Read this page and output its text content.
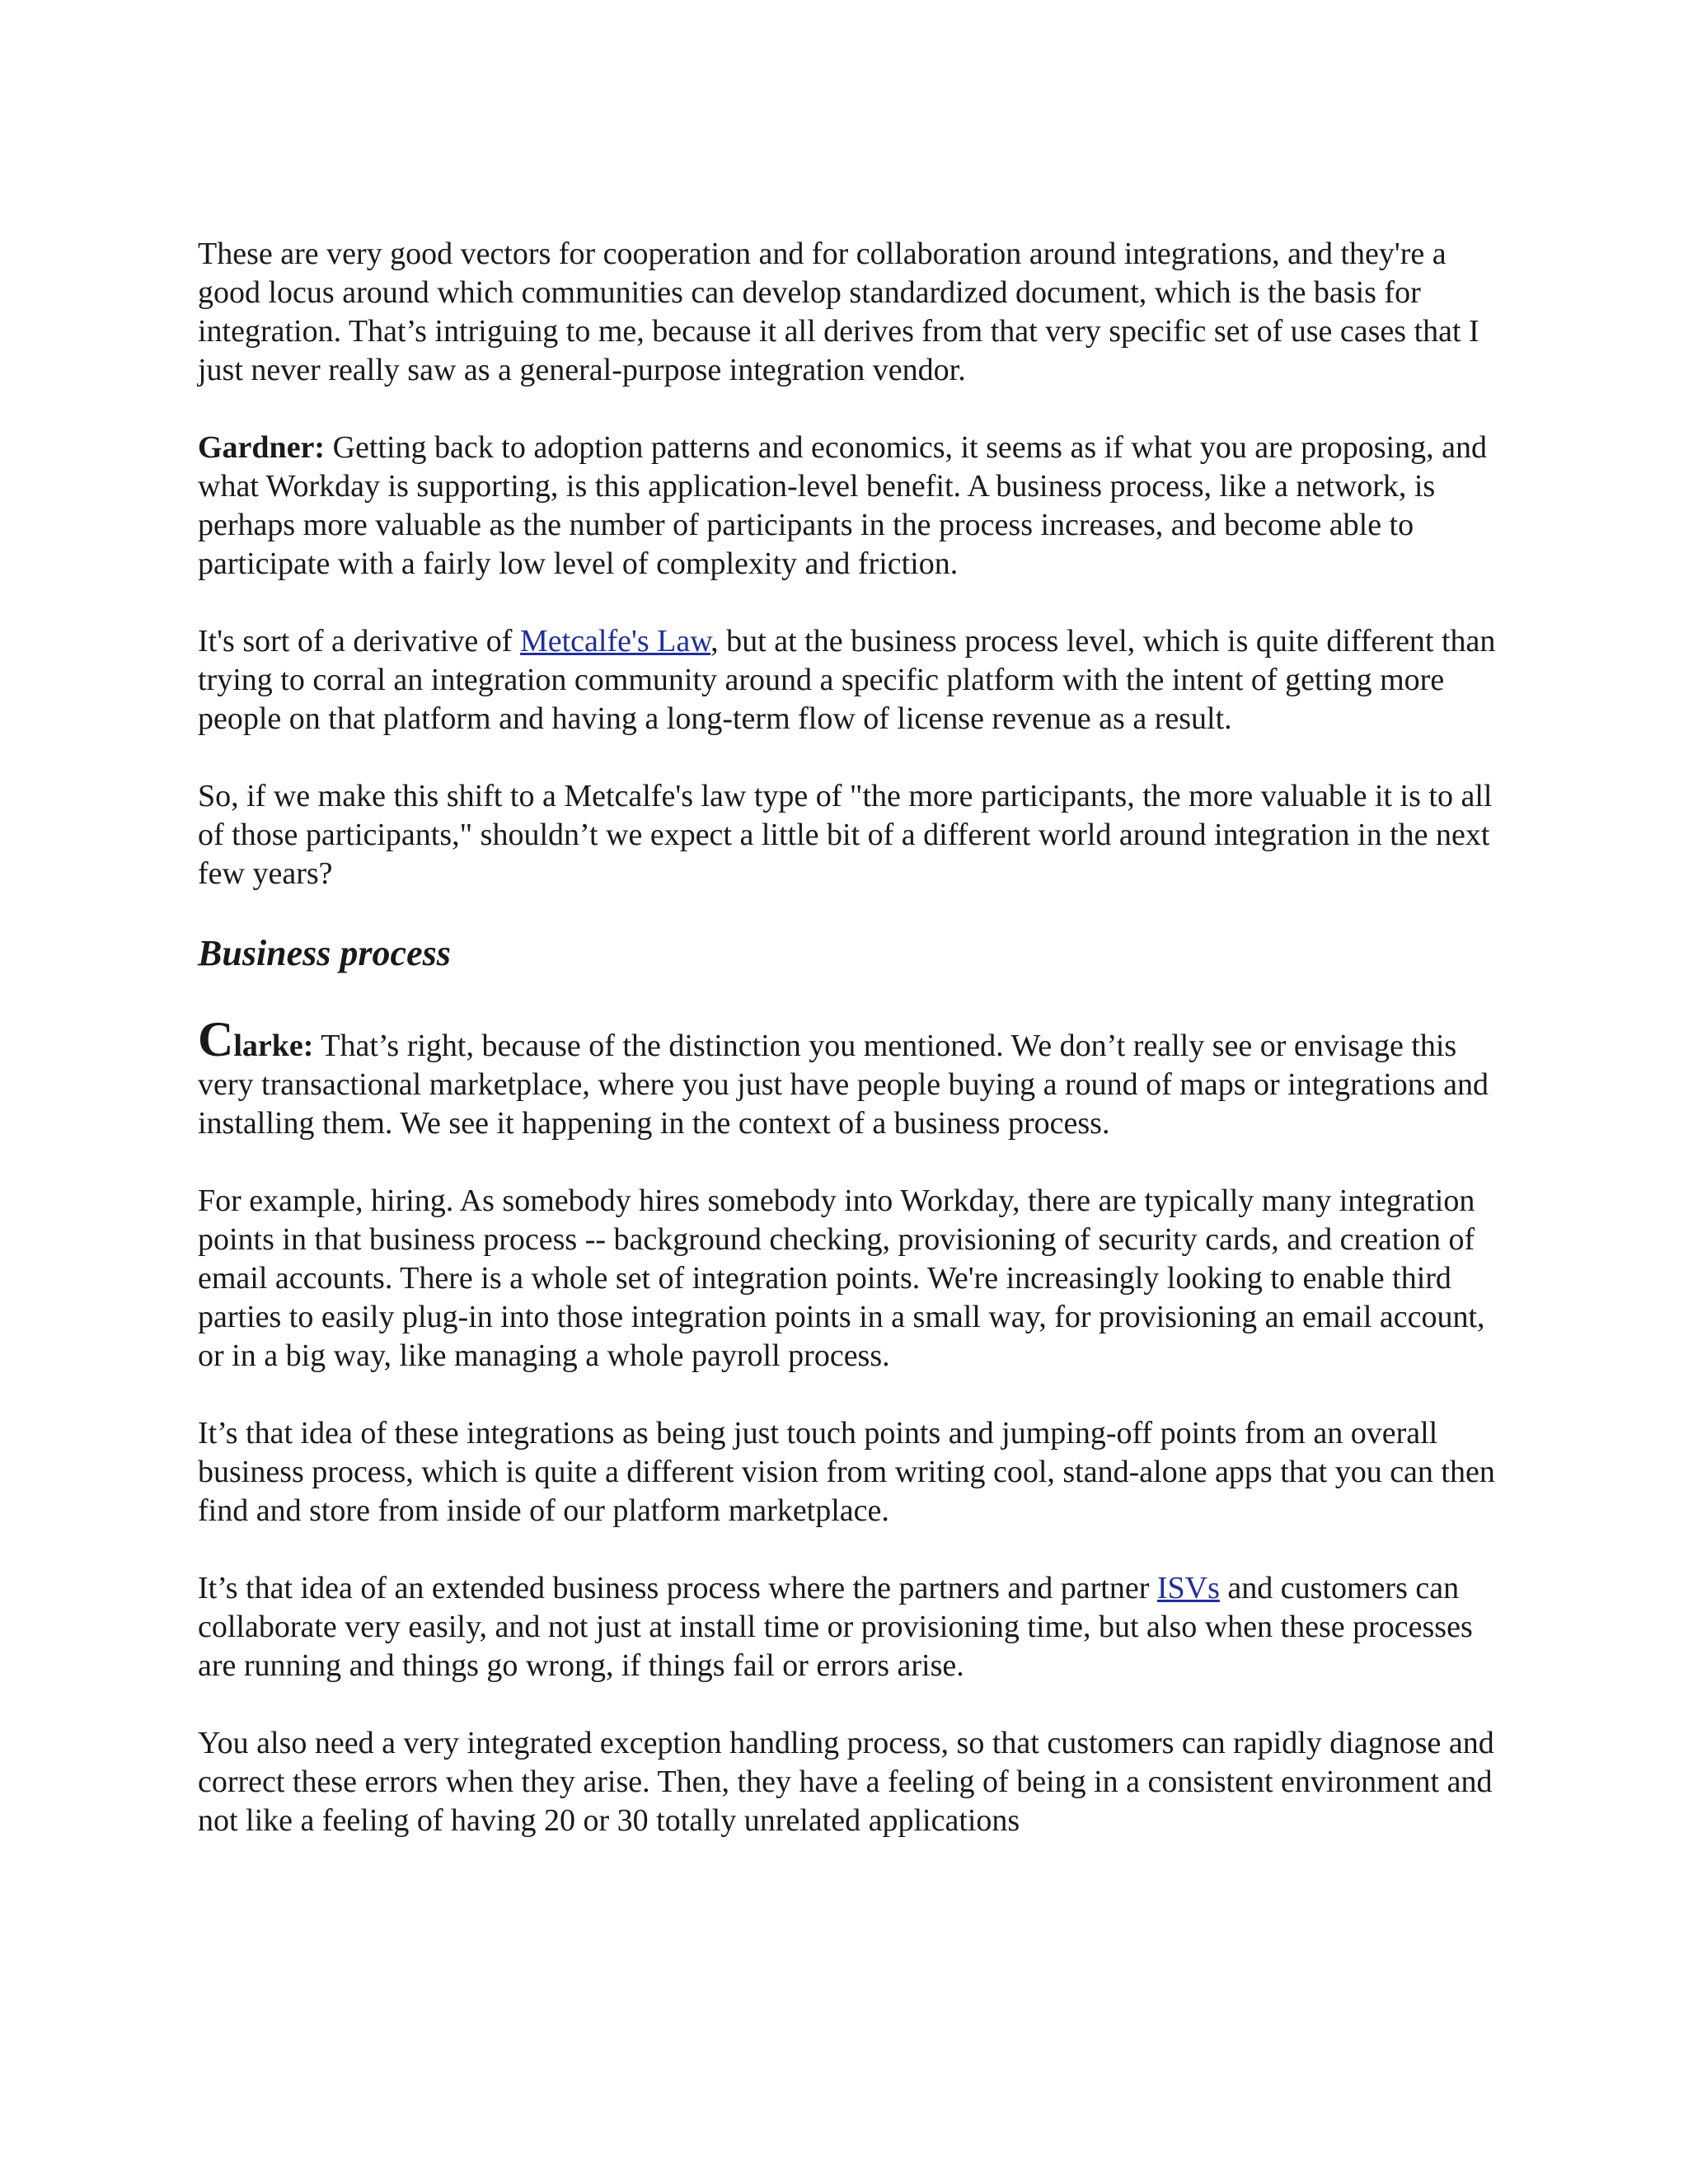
These are very good vectors for cooperation and for collaboration around integrations, and they're a good locus around which communities can develop standardized document, which is the basis for integration. That’s intriguing to me, because it all derives from that very specific set of use cases that I just never really saw as a general-purpose integration vendor.

Gardner: Getting back to adoption patterns and economics, it seems as if what you are proposing, and what Workday is supporting, is this application-level benefit. A business process, like a network, is perhaps more valuable as the number of participants in the process increases, and become able to participate with a fairly low level of complexity and friction.

It's sort of a derivative of Metcalfe's Law, but at the business process level, which is quite different than trying to corral an integration community around a specific platform with the intent of getting more people on that platform and having a long-term flow of license revenue as a result.

So, if we make this shift to a Metcalfe's law type of "the more participants, the more valuable it is to all of those participants," shouldn’t we expect a little bit of a different world around integration in the next few years?

Business process

Clarke: That’s right, because of the distinction you mentioned. We don’t really see or envisage this very transactional marketplace, where you just have people buying a round of maps or integrations and installing them. We see it happening in the context of a business process.

For example, hiring. As somebody hires somebody into Workday, there are typically many integration points in that business process -- background checking, provisioning of security cards, and creation of email accounts. There is a whole set of integration points. We're increasingly looking to enable third parties to easily plug-in into those integration points in a small way, for provisioning an email account, or in a big way, like managing a whole payroll process.

It’s that idea of these integrations as being just touch points and jumping-off points from an overall business process, which is quite a different vision from writing cool, stand-alone apps that you can then find and store from inside of our platform marketplace.

It’s that idea of an extended business process where the partners and partner ISVs and customers can collaborate very easily, and not just at install time or provisioning time, but also when these processes are running and things go wrong, if things fail or errors arise.

You also need a very integrated exception handling process, so that customers can rapidly diagnose and correct these errors when they arise. Then, they have a feeling of being in a consistent environment and not like a feeling of having 20 or 30 totally unrelated applications
